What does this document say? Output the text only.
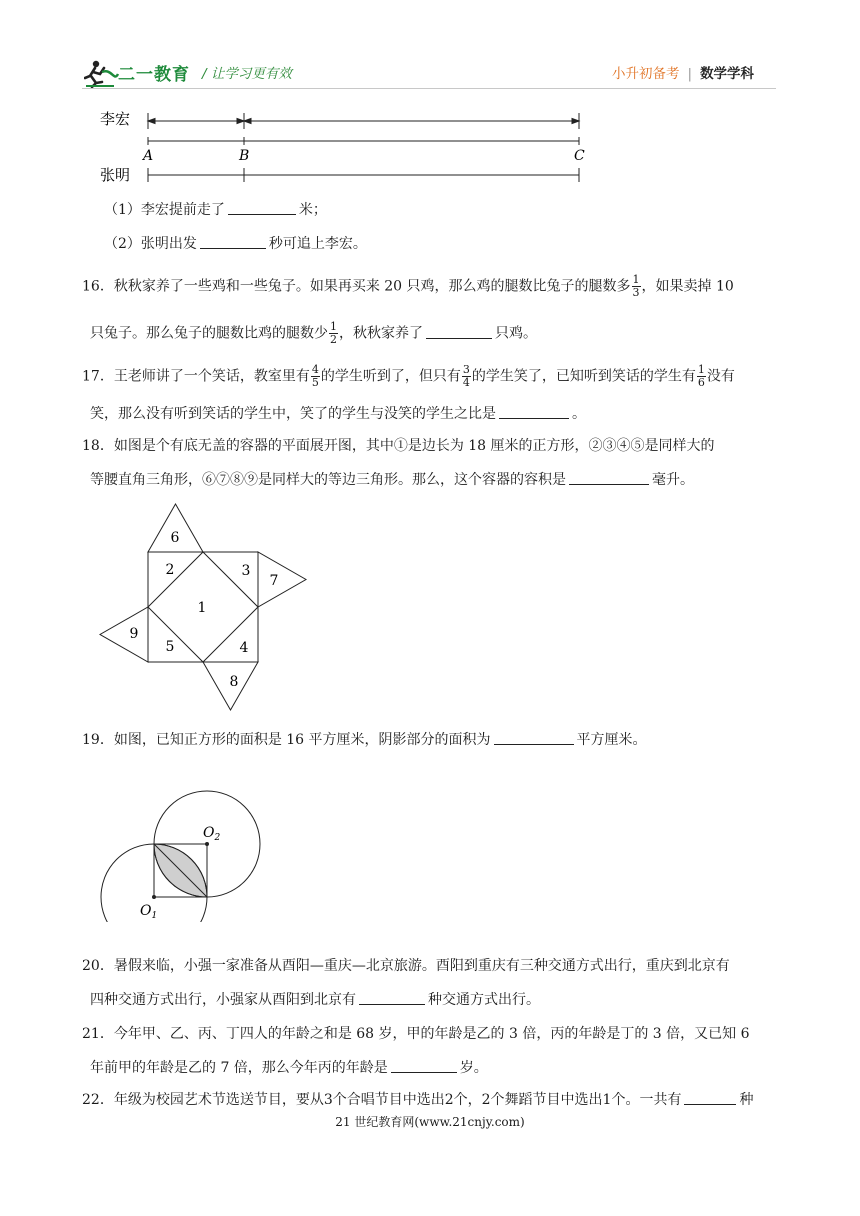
二一教育 / 让学习更有效	小升初备考 | 数学学科
李宏
张明
A	B	C
（1）李宏提前走了	米；
（2）张明出发	秒可追上李宏。
16．秋秋家养了一些鸡和一些兔子。如果再买来 20 只鸡，那么鸡的腿数比兔子的腿数多 $\frac{1}{3}$ ，如果卖掉 10
只兔子。那么兔子的腿数比鸡的腿数少 $\frac{1}{2}$ ，秋秋家养了	只鸡。
17．王老师讲了一个笑话，教室里有 $\frac{4}{5}$ 的学生听到了，但只有 $\frac{3}{4}$ 的学生笑了，已知听到笑话的学生有 $\frac{1}{6}$ 没有
笑，那么没有听到笑话的学生中，笑了的学生与没笑的学生之比是	。
18．如图是个有底无盖的容器的平面展开图，其中①是边长为 18 厘米的正方形，②③④⑤是同样大的
等腰直角三角形，⑥⑦⑧⑨是同样大的等边三角形。那么，这个容器的容积是	毫升。
1
2	3
4
5
6
7
8
9
19．如图，已知正方形的面积是 16 平方厘米，阴影部分的面积为	平方厘米。
$O_1$
$O_2$
20．暑假来临，小强一家准备从酉阳—重庆—北京旅游。酉阳到重庆有三种交通方式出行，重庆到北京有
四种交通方式出行，小强家从酉阳到北京有	种交通方式出行。
21．今年甲、乙、丙、丁四人的年龄之和是 68 岁，甲的年龄是乙的 3 倍，丙的年龄是丁的 3 倍，又已知 6
年前甲的年龄是乙的 7 倍，那么今年丙的年龄是	岁。
22．年级为校园艺术节选送节目，要从3个合唱节目中选出2个，2个舞蹈节目中选出1个。一共有	种
21 世纪教育网(www.21cnjy.com)
